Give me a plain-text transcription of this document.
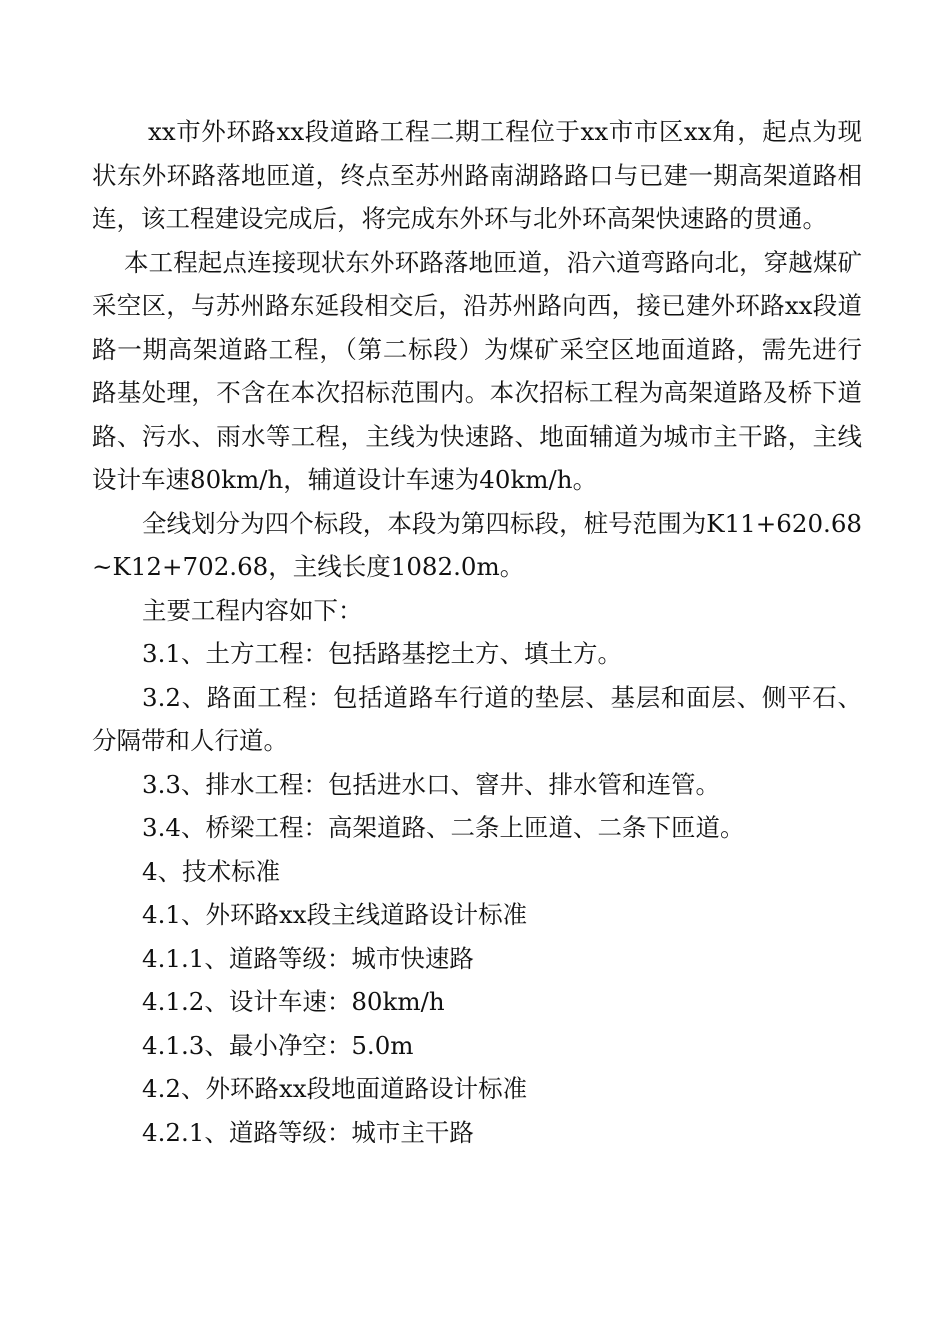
xx市外环路xx段道路工程二期工程位于xx市市区xx角，起点为现状东外环路落地匝道，终点至苏州路南湖路路口与已建一期高架道路相连，该工程建设完成后，将完成东外环与北外环高架快速路的贯通。

本工程起点连接现状东外环路落地匝道，沿六道弯路向北，穿越煤矿采空区，与苏州路东延段相交后，沿苏州路向西，接已建外环路xx段道路一期高架道路工程，（第二标段）为煤矿采空区地面道路，需先进行路基处理，不含在本次招标范围内。本次招标工程为高架道路及桥下道路、污水、雨水等工程，主线为快速路、地面辅道为城市主干路，主线设计车速80km/h，辅道设计车速为40km/h。

全线划分为四个标段，本段为第四标段，桩号范围为K11+620.68~K12+702.68，主线长度1082.0m。

主要工程内容如下：

3.1、土方工程：包括路基挖土方、填土方。

3.2、路面工程：包括道路车行道的垫层、基层和面层、侧平石、分隔带和人行道。

3.3、排水工程：包括进水口、窨井、排水管和连管。

3.4、桥梁工程：高架道路、二条上匝道、二条下匝道。

4、技术标准

4.1、外环路xx段主线道路设计标准

4.1.1、道路等级：城市快速路

4.1.2、设计车速：80km/h

4.1.3、最小净空：5.0m

4.2、外环路xx段地面道路设计标准

4.2.1、道路等级：城市主干路
